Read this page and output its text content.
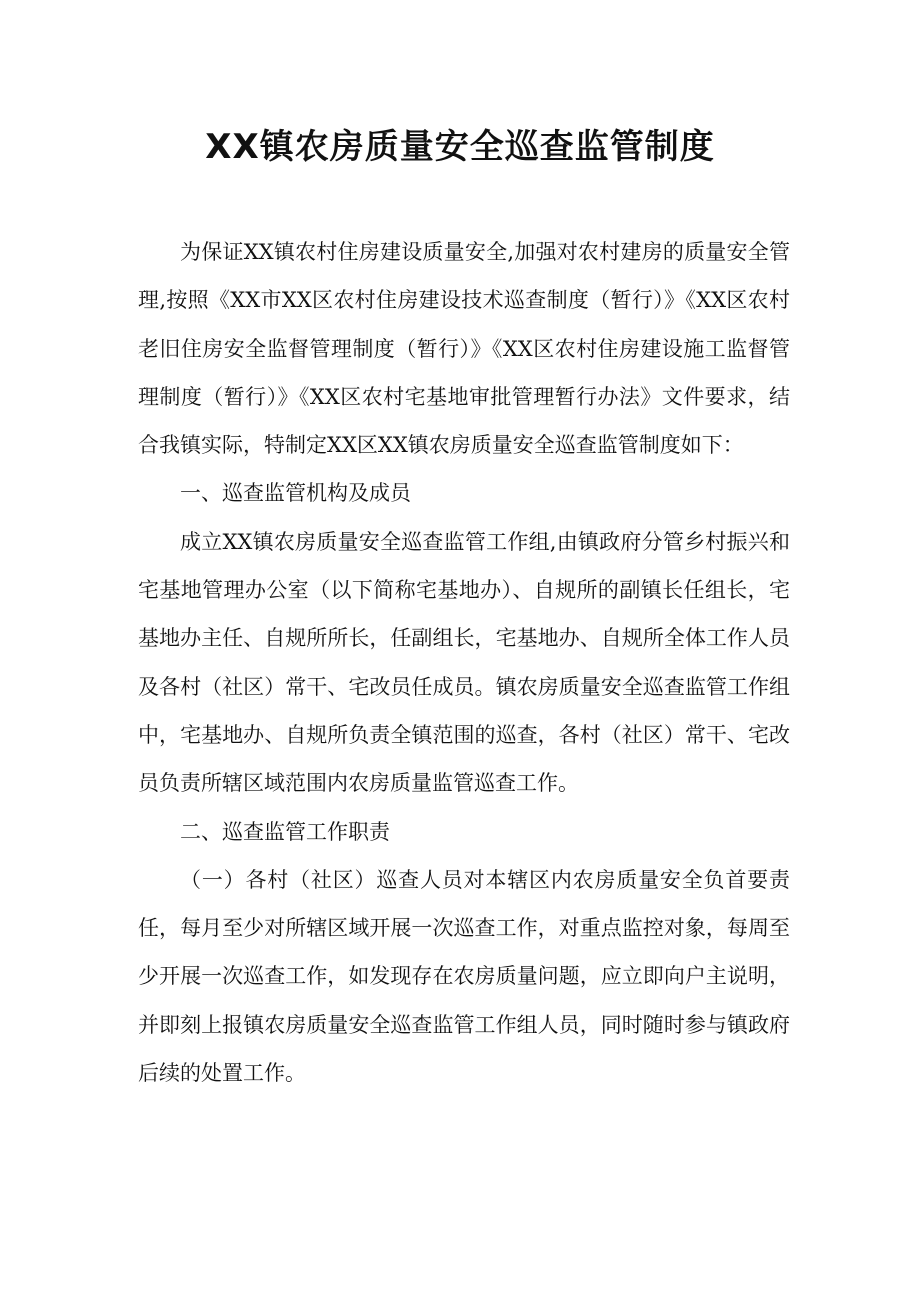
XX镇农房质量安全巡查监管制度

为保证XX镇农村住房建设质量安全,加强对农村建房的质量安全管理,按照《XX市XX区农村住房建设技术巡查制度（暂行）》《XX区农村老旧住房安全监督管理制度（暂行）》《XX区农村住房建设施工监督管理制度（暂行）》《XX区农村宅基地审批管理暂行办法》文件要求，结合我镇实际，特制定XX区XX镇农房质量安全巡查监管制度如下：

一、巡查监管机构及成员

成立XX镇农房质量安全巡查监管工作组,由镇政府分管乡村振兴和宅基地管理办公室（以下简称宅基地办）、自规所的副镇长任组长，宅基地办主任、自规所所长，任副组长，宅基地办、自规所全体工作人员及各村（社区）常干、宅改员任成员。镇农房质量安全巡查监管工作组中，宅基地办、自规所负责全镇范围的巡查，各村（社区）常干、宅改员负责所辖区域范围内农房质量监管巡查工作。

二、巡查监管工作职责

（一）各村（社区）巡查人员对本辖区内农房质量安全负首要责任，每月至少对所辖区域开展一次巡查工作，对重点监控对象，每周至少开展一次巡查工作，如发现存在农房质量问题，应立即向户主说明，并即刻上报镇农房质量安全巡查监管工作组人员，同时随时参与镇政府后续的处置工作。
